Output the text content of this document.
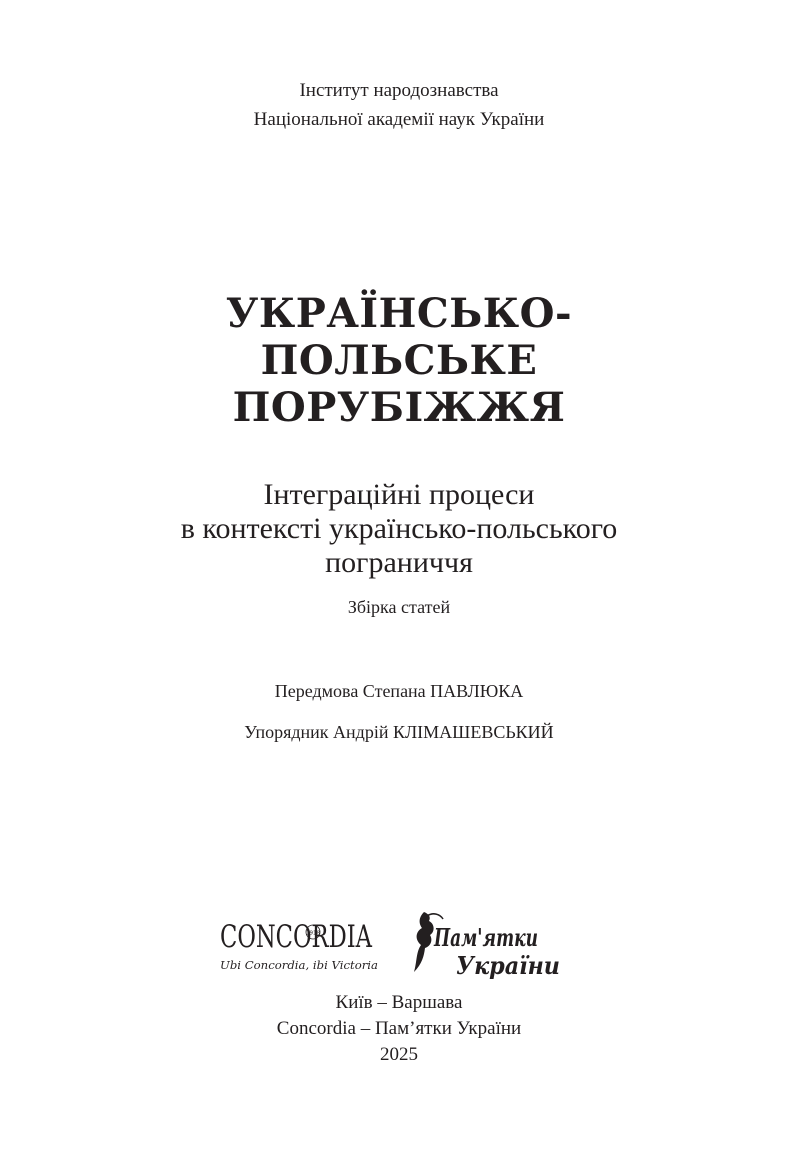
Інститут народознавства
Національної академії наук України
УКРАЇНСЬКО-
ПОЛЬСЬКЕ
ПОРУБІЖЖЯ
Інтеграційні процеси
в контексті українсько-польського
пограниччя
Збірка статей
Передмова Степана ПАВЛЮКА
Упорядник Андрій КЛІМАШЕВСЬКИЙ
CONCORDIA
1918
Ubi Concordia, ibi Victoria
Пам'ятки
України
Київ – Варшава
Concordia – Пам’ятки України
2025
